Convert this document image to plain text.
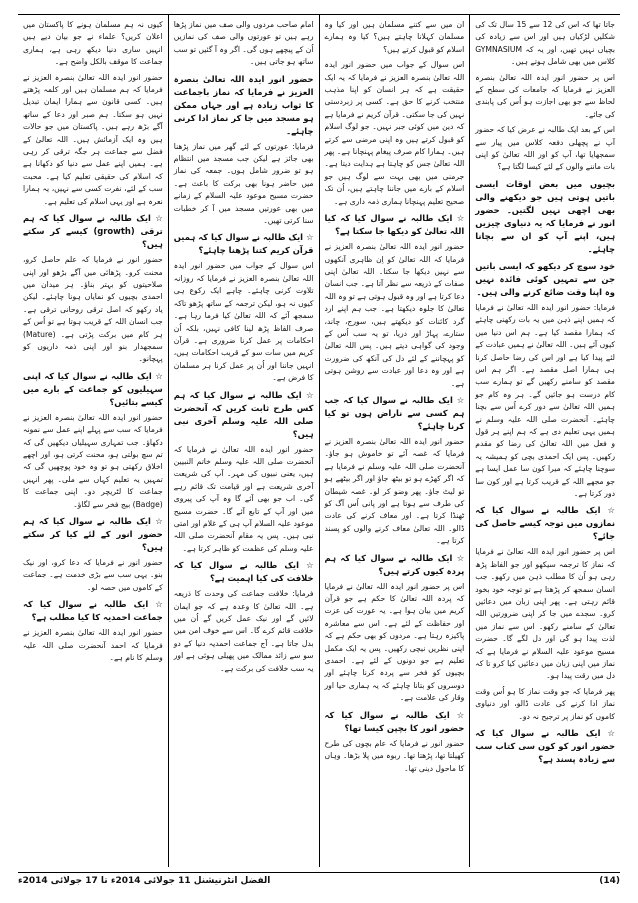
جاتا تھا کہ اس کی 12 سے 15 سال تک کی شکلیں لڑکیاں ہیں اور اس سے زیادہ کی بچیاں نہیں تھیں، اور یہ کہ GYMNASIUM کلاس میں بھی شامل ہوتے ہیں۔

اس پر حضور انور ایدہ اللہ تعالیٰ بنصرہ العزیز نے فرمایا کہ جامعات کی سطح کے لحاظ سے جو بھی اجازت ہو اُس کی پابندی کی جائے۔

اس کے بعد ایک طالبہ نے عرض کیا کہ حضور آپ نے پچھلی دفعہ کلاس میں پیار سے سمجھایا تھا، آپ کو اور اللہ تعالیٰ کو اپنی بات ماننے والوں کے لئے کیسا لگتا ہے؟

بچیوں میں بعض اوقات ایسی باتیں ہوتی ہیں جو دیکھنے والی بھی اچھی نہیں لگتیں۔ حضور انور نے فرمایا کہ یہ دنیاوی چیزیں ہیں، اپنے آپ کو ان سے بچانا چاہئے۔

خود سوچ کر دیکھو کہ ایسی باتیں جن سے تمہیں کوئی فائدہ نہیں وہ اپنا وقت ضائع کرنے والی ہیں۔

فرمایا: حضور انور ایدہ اللہ تعالیٰ نے فرمایا کہ ہمیں اپنے ذہن میں یہ بات رکھنی چاہئے کہ ہمارا مقصد کیا ہے۔ ہم اس دنیا میں کیوں آئے ہیں۔ اللہ تعالیٰ نے ہمیں عبادت کے لئے پیدا کیا ہے اور اس کی رضا حاصل کرنا ہی ہمارا اصل مقصد ہے۔ اگر ہم اس مقصد کو سامنے رکھیں گے تو ہمارے سب کام درست ہو جائیں گے۔ ہر وہ کام جو ہمیں اللہ تعالیٰ سے دور کرے اُس سے بچنا چاہئے۔ آنحضرت صلی اللہ علیہ وسلم نے ہمیں یہی تعلیم دی ہے کہ ہم اپنے ہر قول و فعل میں اللہ تعالیٰ کی رضا کو مقدم رکھیں۔ پس ایک احمدی بچی کو ہمیشہ یہ سوچنا چاہئے کہ میرا کون سا عمل ایسا ہے جو مجھے اللہ کے قریب کرتا ہے اور کون سا دور کرتا ہے۔

☆ ایک طالبہ نے سوال کیا کہ نمازوں میں توجہ کیسے حاصل کی جائے؟

اس پر حضور انور ایدہ اللہ تعالیٰ نے فرمایا کہ نماز کا ترجمہ سیکھو اور جو الفاظ پڑھ رہی ہو اُن کا مطلب ذہن میں رکھو۔ جب انسان سمجھ کر پڑھتا ہے تو توجہ خود بخود قائم رہتی ہے۔ پھر اپنی زبان میں دعائیں کرو۔ سجدے میں جا کر اپنی ضرورتیں اللہ تعالیٰ کے سامنے رکھو۔ اس سے نماز میں لذت پیدا ہو گی اور دل لگے گا۔ حضرت مسیح موعود علیہ السلام نے فرمایا ہے کہ نماز میں اپنی زبان میں دعائیں کیا کرو تا کہ دل میں رقت پیدا ہو۔

پھر فرمایا کہ جو وقت نماز کا ہو اُس وقت نماز ادا کرنے کی عادت ڈالو، اور دنیاوی کاموں کو نماز پر ترجیح نہ دو۔

☆ ایک طالبہ نے سوال کیا کہ حضور انور کو کون سی کتاب سب سے زیادہ پسند ہے؟

ان میں سے کتنے مسلمان ہیں اور کیا وہ مسلمان کہلانا چاہتے ہیں؟ کیا وہ ہمارے اسلام کو قبول کرتے ہیں؟

اس سوال کے جواب میں حضور انور ایدہ اللہ تعالیٰ بنصرہ العزیز نے فرمایا کہ یہ ایک حقیقت ہے کہ ہر انسان کو اپنا مذہب منتخب کرنے کا حق ہے۔ کسی پر زبردستی نہیں کی جا سکتی۔ قرآن کریم نے فرمایا ہے کہ دین میں کوئی جبر نہیں۔ جو لوگ اسلام کو قبول کرتے ہیں وہ اپنی مرضی سے کرتے ہیں۔ ہمارا کام صرف پیغام پہنچانا ہے۔ پھر اللہ تعالیٰ جس کو چاہتا ہے ہدایت دیتا ہے۔ جرمنی میں بھی بہت سے لوگ ہیں جو اسلام کے بارے میں جاننا چاہتے ہیں، اُن تک صحیح تعلیم پہنچانا ہماری ذمہ داری ہے۔

☆ ایک طالبہ نے سوال کیا کہ کیا اللہ تعالیٰ کو دیکھا جا سکتا ہے؟

حضور انور ایدہ اللہ تعالیٰ بنصرہ العزیز نے فرمایا کہ اللہ تعالیٰ کو اِن ظاہری آنکھوں سے نہیں دیکھا جا سکتا۔ اللہ تعالیٰ اپنی صفات کے ذریعہ سے نظر آتا ہے۔ جب انسان دعا کرتا ہے اور وہ قبول ہوتی ہے تو وہ اللہ تعالیٰ کا جلوہ دیکھتا ہے۔ جب ہم اپنے ارد گرد کائنات کو دیکھتے ہیں، سورج، چاند، ستارے، پہاڑ اور دریا، تو یہ سب اُس کے وجود کی گواہی دیتے ہیں۔ پس اللہ تعالیٰ کو پہچاننے کے لئے دل کی آنکھ کی ضرورت ہے اور وہ دعا اور عبادت سے روشن ہوتی ہے۔

☆ ایک طالبہ نے سوال کیا کہ جب ہم کسی سے ناراض ہوں تو کیا کرنا چاہئے؟

حضور انور ایدہ اللہ تعالیٰ بنصرہ العزیز نے فرمایا کہ غصہ آئے تو خاموش ہو جاؤ۔ آنحضرت صلی اللہ علیہ وسلم نے فرمایا ہے کہ اگر کھڑے ہو تو بیٹھ جاؤ اور اگر بیٹھے ہو تو لیٹ جاؤ۔ پھر وضو کر لو۔ غصہ شیطان کی طرف سے ہوتا ہے اور پانی اُس آگ کو ٹھنڈا کرتا ہے۔ اور معاف کرنے کی عادت ڈالو۔ اللہ تعالیٰ معاف کرنے والوں کو پسند کرتا ہے۔

☆ ایک طالبہ نے سوال کیا کہ ہم پردہ کیوں کرتے ہیں؟

اس پر حضور انور ایدہ اللہ تعالیٰ نے فرمایا کہ پردہ اللہ تعالیٰ کا حکم ہے جو قرآن کریم میں بیان ہوا ہے۔ یہ عورت کی عزت اور حفاظت کے لئے ہے۔ اس سے معاشرہ پاکیزہ رہتا ہے۔ مردوں کو بھی حکم ہے کہ اپنی نظریں نیچی رکھیں۔ پس یہ ایک مکمل تعلیم ہے جو دونوں کے لئے ہے۔ احمدی بچیوں کو فخر سے پردہ کرنا چاہئے اور دوسروں کو بتانا چاہئے کہ یہ ہماری حیا اور وقار کی علامت ہے۔

☆ ایک طالبہ نے سوال کیا کہ حضور انور کا بچپن کیسا تھا؟

حضور انور نے فرمایا کہ عام بچوں کی طرح کھیلتا تھا، پڑھتا تھا۔ ربوہ میں پلا بڑھا۔ وہاں کا ماحول دینی تھا۔

امام صاحب مردوں والی صف میں نماز پڑھا رہے ہیں تو عورتوں والی صف کی نمازیں اُن کے پیچھے ہوں گی۔ اگر وہ آ گئیں تو سب ساتھ ہو جاتی ہیں۔

حضور انور ایدہ اللہ تعالیٰ بنصرہ العزیز نے فرمایا کہ نماز باجماعت کا ثواب زیادہ ہے اور جہاں ممکن ہو مسجد میں جا کر نماز ادا کرنی چاہئے۔

فرمایا: عورتوں کے لئے گھر میں نماز پڑھنا بھی جائز ہے لیکن جب مسجد میں انتظام ہو تو ضرور شامل ہوں۔ جمعہ کی نماز میں حاضر ہونا بھی برکت کا باعث ہے۔ حضرت مسیح موعود علیہ السلام کے زمانے میں بھی عورتیں مسجد میں آ کر خطبات سنا کرتی تھیں۔

☆ ایک طالبہ نے سوال کیا کہ ہمیں قرآن کریم کتنا پڑھنا چاہئے؟

اس سوال کے جواب میں حضور انور ایدہ اللہ تعالیٰ بنصرہ العزیز نے فرمایا کہ روزانہ تلاوت کرنی چاہئے۔ چاہے ایک رکوع ہی کیوں نہ ہو، لیکن ترجمہ کے ساتھ پڑھو تاکہ سمجھ آئے کہ اللہ تعالیٰ کیا فرما رہا ہے۔ صرف الفاظ پڑھ لینا کافی نہیں، بلکہ اُن احکامات پر عمل کرنا ضروری ہے۔ قرآن کریم میں سات سو کے قریب احکامات ہیں، انہیں جاننا اور اُن پر عمل کرنا ہر مسلمان کا فرض ہے۔

☆ ایک طالبہ نے سوال کیا کہ ہم کس طرح ثابت کریں کہ آنحضرت صلی اللہ علیہ وسلم آخری نبی ہیں؟

حضور انور ایدہ اللہ تعالیٰ نے فرمایا کہ آنحضرت صلی اللہ علیہ وسلم خاتم النبیین ہیں، یعنی نبیوں کی مہر۔ آپ کی شریعت آخری شریعت ہے اور قیامت تک قائم رہے گی۔ اب جو بھی آئے گا وہ آپ کی پیروی میں اور آپ کے تابع آئے گا۔ حضرت مسیح موعود علیہ السلام آپ ہی کے غلام اور امتی نبی ہیں۔ پس یہ مقام آنحضرت صلی اللہ علیہ وسلم کی عظمت کو ظاہر کرتا ہے۔

☆ ایک طالبہ نے سوال کیا کہ خلافت کی کیا اہمیت ہے؟

فرمایا: خلافت جماعت کی وحدت کا ذریعہ ہے۔ اللہ تعالیٰ کا وعدہ ہے کہ جو ایمان لائیں گے اور نیک عمل کریں گے اُن میں خلافت قائم کرے گا۔ اس سے خوف امن میں بدل جاتا ہے۔ آج جماعت احمدیہ دنیا کے دو سو سے زائد ممالک میں پھیلی ہوئی ہے اور یہ سب خلافت کی برکت ہے۔

کیوں نہ ہم مسلمان ہونے کا پاکستان میں اعلان کریں؟ علماء نے جو بیان دیے ہیں انہیں ساری دنیا دیکھ رہی ہے، ہماری جماعت کا موقف بالکل واضح ہے۔

حضور انور ایدہ اللہ تعالیٰ بنصرہ العزیز نے فرمایا کہ ہم مسلمان ہیں اور کلمہ پڑھتے ہیں۔ کسی قانون سے ہمارا ایمان تبدیل نہیں ہو سکتا۔ ہم صبر اور دعا کے ساتھ آگے بڑھ رہے ہیں۔ پاکستان میں جو حالات ہیں وہ ایک آزمائش ہیں۔ اللہ تعالیٰ کے فضل سے جماعت ہر جگہ ترقی کر رہی ہے۔ ہمیں اپنے عمل سے دنیا کو دکھانا ہے کہ اسلام کی حقیقی تعلیم کیا ہے۔ محبت سب کے لئے، نفرت کسی سے نہیں، یہ ہمارا نعرہ ہے اور یہی اسلام کی تعلیم ہے۔

☆ ایک طالبہ نے سوال کیا کہ ہم ترقی (growth) کیسے کر سکتے ہیں؟

حضور انور نے فرمایا کہ علم حاصل کرو، محنت کرو۔ پڑھائی میں آگے بڑھو اور اپنی صلاحیتوں کو بہتر بناؤ۔ ہر میدان میں احمدی بچیوں کو نمایاں ہونا چاہئے۔ لیکن یاد رکھو کہ اصل ترقی روحانی ترقی ہے۔ جب انسان اللہ کے قریب ہوتا ہے تو اُس کے ہر کام میں برکت پڑتی ہے۔ (Mature) سمجھدار بنو اور اپنی ذمہ داریوں کو پہچانو۔

☆ ایک طالبہ نے سوال کیا کہ اپنی سہیلیوں کو جماعت کے بارے میں کیسے بتائیں؟

حضور انور ایدہ اللہ تعالیٰ بنصرہ العزیز نے فرمایا کہ سب سے پہلے اپنے عمل سے نمونہ دکھاؤ۔ جب تمہاری سہیلیاں دیکھیں گی کہ تم سچ بولتی ہو، محنت کرتی ہو، اور اچھے اخلاق رکھتی ہو تو وہ خود پوچھیں گی کہ تمہیں یہ تعلیم کہاں سے ملی۔ پھر انہیں جماعت کا لٹریچر دو۔ اپنی جماعت کا (Badge) بیج فخر سے لگاؤ۔

☆ ایک طالبہ نے سوال کیا کہ ہم حضور انور کے لئے کیا کر سکتے ہیں؟

حضور انور نے فرمایا کہ دعا کرو، اور نیک بنو۔ یہی سب سے بڑی خدمت ہے۔ جماعت کے کاموں میں حصہ لو۔

☆ ایک طالبہ نے سوال کیا کہ جماعت احمدیہ کا کیا مطلب ہے؟

حضور انور ایدہ اللہ تعالیٰ بنصرہ العزیز نے فرمایا کہ احمد آنحضرت صلی اللہ علیہ وسلم کا نام ہے۔

(14)
الفضل انٹرنیشنل 11 جولائی 2014ء تا 17 جولائی 2014ء
